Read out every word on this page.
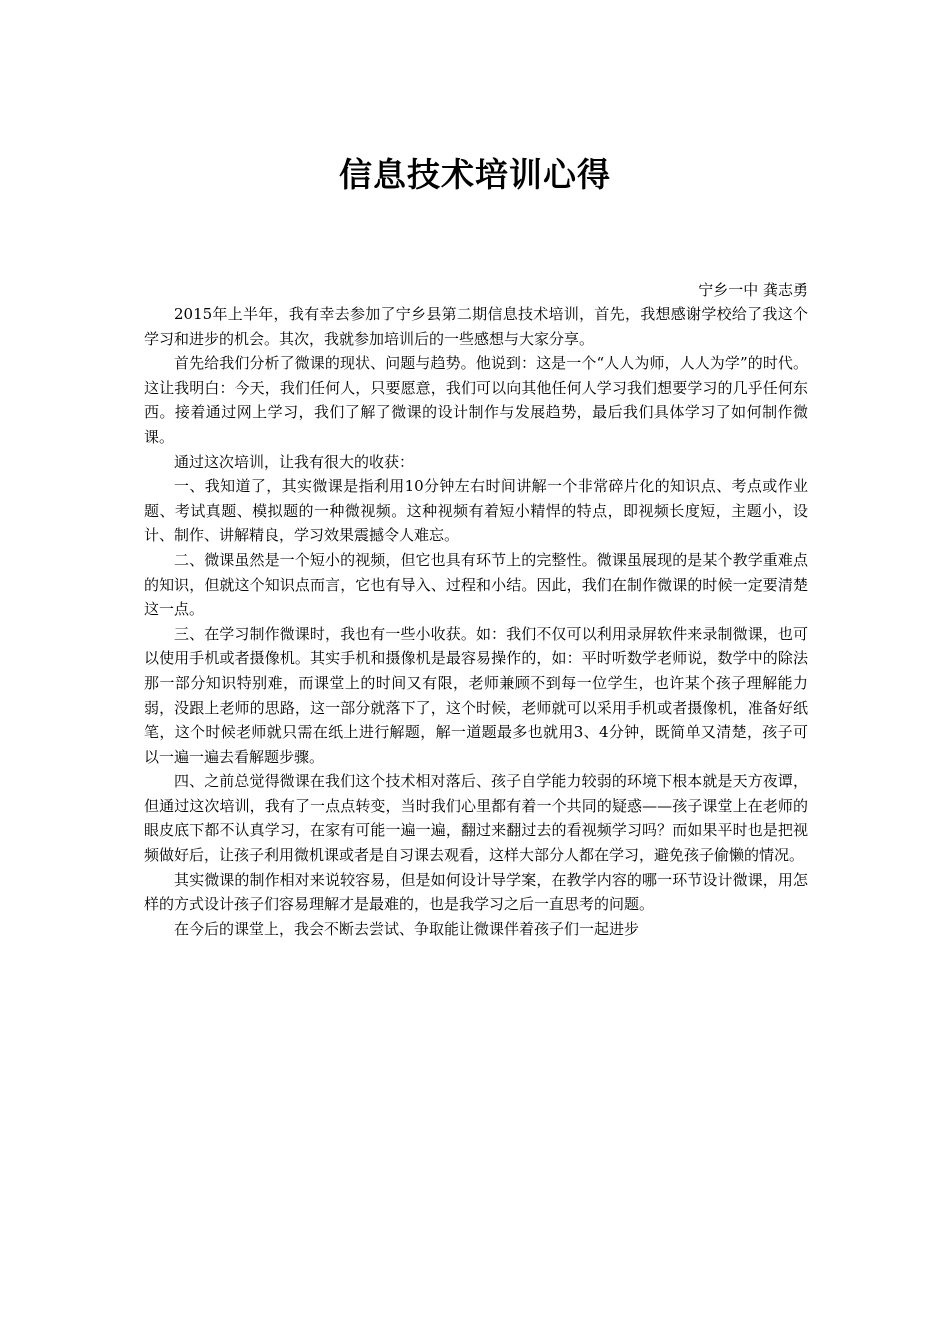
信息技术培训心得

宁乡一中 龚志勇

2015年上半年，我有幸去参加了宁乡县第二期信息技术培训，首先，我想感谢学校给了我这个学习和进步的机会。其次，我就参加培训后的一些感想与大家分享。

首先给我们分析了微课的现状、问题与趋势。他说到：这是一个“人人为师，人人为学”的时代。这让我明白：今天，我们任何人，只要愿意，我们可以向其他任何人学习我们想要学习的几乎任何东西。接着通过网上学习，我们了解了微课的设计制作与发展趋势，最后我们具体学习了如何制作微课。

通过这次培训，让我有很大的收获：

一、我知道了，其实微课是指利用10分钟左右时间讲解一个非常碎片化的知识点、考点或作业题、考试真题、模拟题的一种微视频。这种视频有着短小精悍的特点，即视频长度短，主题小，设计、制作、讲解精良，学习效果震撼令人难忘。

二、微课虽然是一个短小的视频，但它也具有环节上的完整性。微课虽展现的是某个教学重难点的知识，但就这个知识点而言，它也有导入、过程和小结。因此，我们在制作微课的时候一定要清楚这一点。

三、在学习制作微课时，我也有一些小收获。如：我们不仅可以利用录屏软件来录制微课，也可以使用手机或者摄像机。其实手机和摄像机是最容易操作的，如：平时听数学老师说，数学中的除法那一部分知识特别难，而课堂上的时间又有限，老师兼顾不到每一位学生，也许某个孩子理解能力弱，没跟上老师的思路，这一部分就落下了，这个时候，老师就可以采用手机或者摄像机，准备好纸笔，这个时候老师就只需在纸上进行解题，解一道题最多也就用3、4分钟，既简单又清楚，孩子可以一遍一遍去看解题步骤。

四、之前总觉得微课在我们这个技术相对落后、孩子自学能力较弱的环境下根本就是天方夜谭，但通过这次培训，我有了一点点转变，当时我们心里都有着一个共同的疑惑——孩子课堂上在老师的眼皮底下都不认真学习，在家有可能一遍一遍，翻过来翻过去的看视频学习吗？而如果平时也是把视频做好后，让孩子利用微机课或者是自习课去观看，这样大部分人都在学习，避免孩子偷懒的情况。

其实微课的制作相对来说较容易，但是如何设计导学案，在教学内容的哪一环节设计微课，用怎样的方式设计孩子们容易理解才是最难的，也是我学习之后一直思考的问题。

在今后的课堂上，我会不断去尝试、争取能让微课伴着孩子们一起进步
